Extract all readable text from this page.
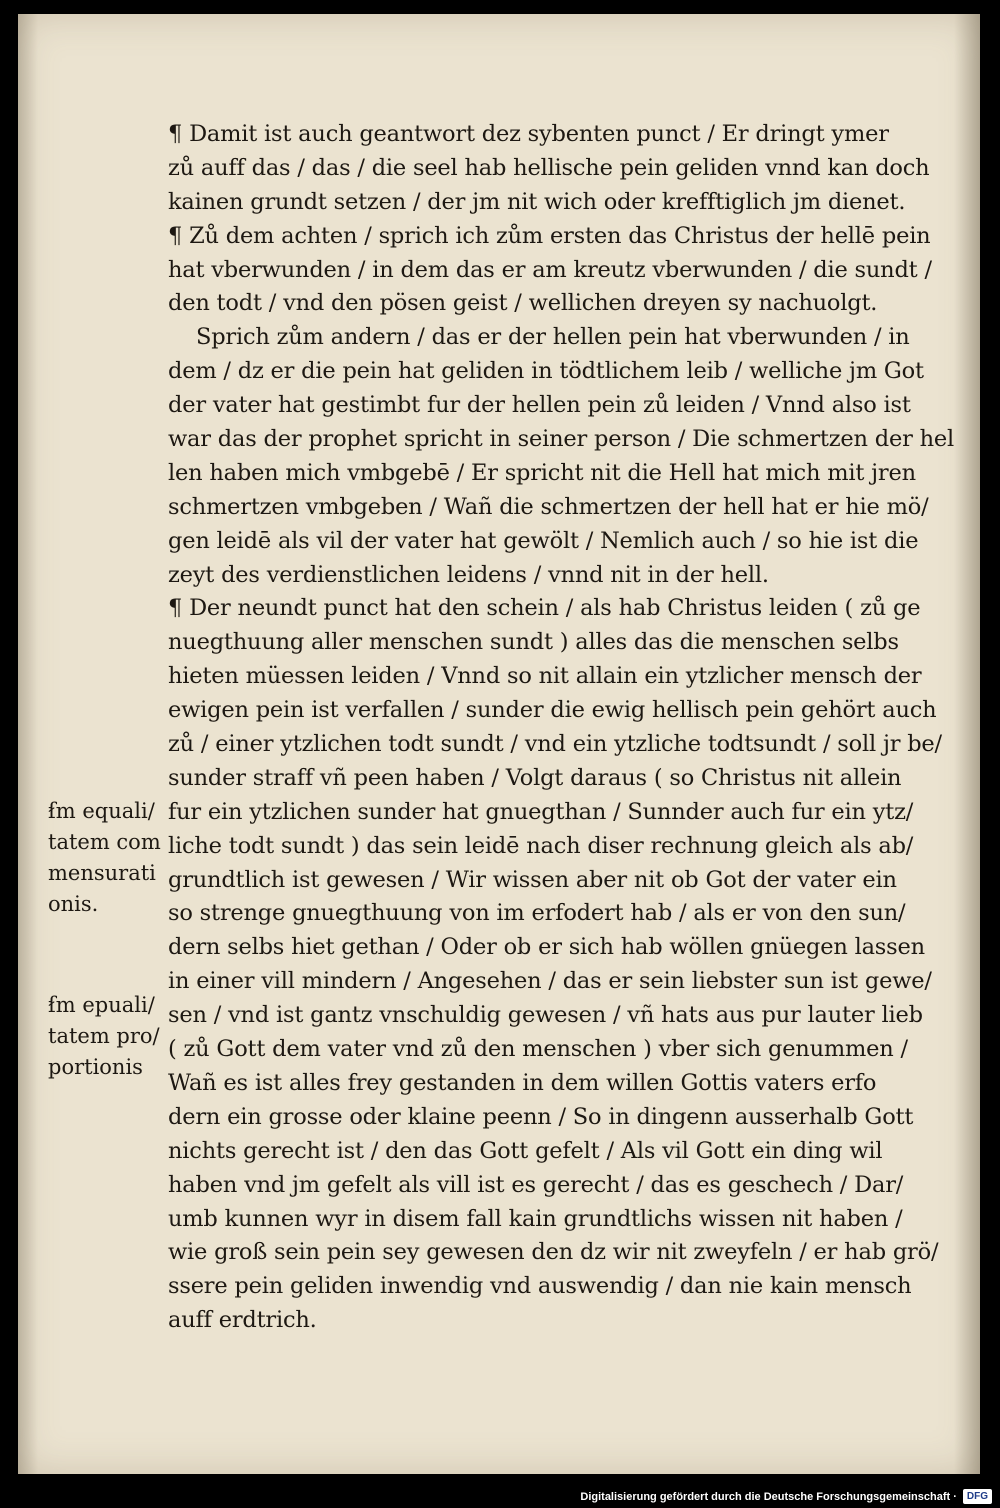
¶ Damit ist auch geantwort dez sybenten punct / Er dringt ymer
zů auff das / das / die seel hab hellische pein geliden vnnd kan doch
kainen grundt setzen / der jm nit wich oder krefftiglich jm dienet.
¶ Zů dem achten / sprich ich zům ersten das Christus der hellē pein
hat vberwunden / in dem das er am kreutz vberwunden / die sundt /
den todt / vnd den pösen geist / wellichen dreyen sy nachuolgt.
Sprich zům andern / das er der hellen pein hat vberwunden / in
dem / dz er die pein hat geliden in tödtlichem leib / welliche jm Got
der vater hat gestimbt fur der hellen pein zů leiden / Vnnd also ist
war das der prophet spricht in seiner person / Die schmertzen der hel
len haben mich vmbgebē / Er spricht nit die Hell hat mich mit jren
schmertzen vmbgeben / Wañ die schmertzen der hell hat er hie mö/
gen leidē als vil der vater hat gewölt / Nemlich auch / so hie ist die
zeyt des verdienstlichen leidens / vnnd nit in der hell.
¶ Der neundt punct hat den schein / als hab Christus leiden ( zů ge
nuegthuung aller menschen sundt ) alles das die menschen selbs
hieten müessen leiden / Vnnd so nit allain ein ytzlicher mensch der
ewigen pein ist verfallen / sunder die ewig hellisch pein gehört auch
zů / einer ytzlichen todt sundt / vnd ein ytzliche todtsundt / soll jr be/
sunder straff vñ peen haben / Volgt daraus ( so Christus nit allein
fur ein ytzlichen sunder hat gnuegthan / Sunnder auch fur ein ytz/
liche todt sundt ) das sein leidē nach diser rechnung gleich als ab/
grundtlich ist gewesen / Wir wissen aber nit ob Got der vater ein
so strenge gnuegthuung von im erfodert hab / als er von den sun/
dern selbs hiet gethan / Oder ob er sich hab wöllen gnüegen lassen
in einer vill mindern / Angesehen / das er sein liebster sun ist gewe/
sen / vnd ist gantz vnschuldig gewesen / vñ hats aus pur lauter lieb
( zů Gott dem vater vnd zů den menschen ) vber sich genummen /
Wañ es ist alles frey gestanden in dem willen Gottis vaters erfo
dern ein grosse oder klaine peenn / So in dingenn ausserhalb Gott
nichts gerecht ist / den das Gott gefelt / Als vil Gott ein ding wil
haben vnd jm gefelt als vill ist es gerecht / das es geschech / Dar/
umb kunnen wyr in disem fall kain grundtlichs wissen nit haben /
wie groß sein pein sey gewesen den dz wir nit zweyfeln / er hab grö/
ssere pein geliden inwendig vnd auswendig / dan nie kain mensch
auff erdtrich.
ẜm equali/
tatem com
mensurati
onis.
ẜm epuali/
tatem pro/
portionis
Digitalisierung gefördert durch die Deutsche Forschungsgemeinschaft ·	DFG
